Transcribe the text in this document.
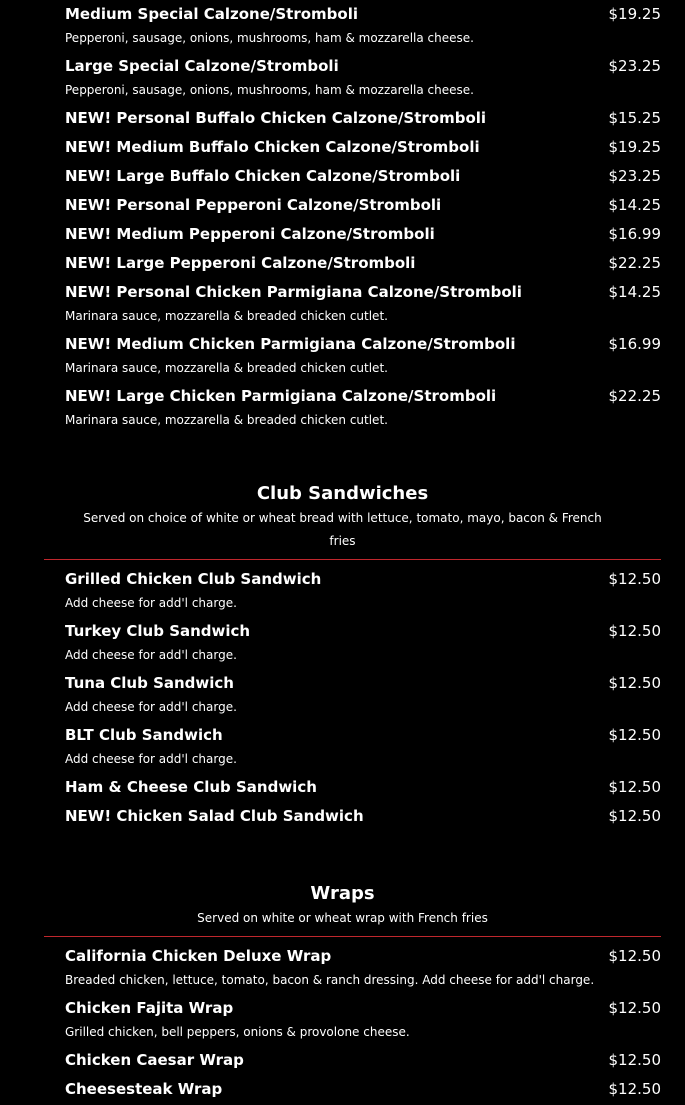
Medium Special Calzone/Stromboli	$19.25
Pepperoni, sausage, onions, mushrooms, ham & mozzarella cheese.
Large Special Calzone/Stromboli	$23.25
Pepperoni, sausage, onions, mushrooms, ham & mozzarella cheese.
NEW! Personal Buffalo Chicken Calzone/Stromboli	$15.25
NEW! Medium Buffalo Chicken Calzone/Stromboli	$19.25
NEW! Large Buffalo Chicken Calzone/Stromboli	$23.25
NEW! Personal Pepperoni Calzone/Stromboli	$14.25
NEW! Medium Pepperoni Calzone/Stromboli	$16.99
NEW! Large Pepperoni Calzone/Stromboli	$22.25
NEW! Personal Chicken Parmigiana Calzone/Stromboli	$14.25
Marinara sauce, mozzarella & breaded chicken cutlet.
NEW! Medium Chicken Parmigiana Calzone/Stromboli	$16.99
Marinara sauce, mozzarella & breaded chicken cutlet.
NEW! Large Chicken Parmigiana Calzone/Stromboli	$22.25
Marinara sauce, mozzarella & breaded chicken cutlet.
Club Sandwiches
Served on choice of white or wheat bread with lettuce, tomato, mayo, bacon & French fries
Grilled Chicken Club Sandwich	$12.50
Add cheese for add'l charge.
Turkey Club Sandwich	$12.50
Add cheese for add'l charge.
Tuna Club Sandwich	$12.50
Add cheese for add'l charge.
BLT Club Sandwich	$12.50
Add cheese for add'l charge.
Ham & Cheese Club Sandwich	$12.50
NEW! Chicken Salad Club Sandwich	$12.50
Wraps
Served on white or wheat wrap with French fries
California Chicken Deluxe Wrap	$12.50
Breaded chicken, lettuce, tomato, bacon & ranch dressing. Add cheese for add'l charge.
Chicken Fajita Wrap	$12.50
Grilled chicken, bell peppers, onions & provolone cheese.
Chicken Caesar Wrap	$12.50
Cheesesteak Wrap	$12.50
